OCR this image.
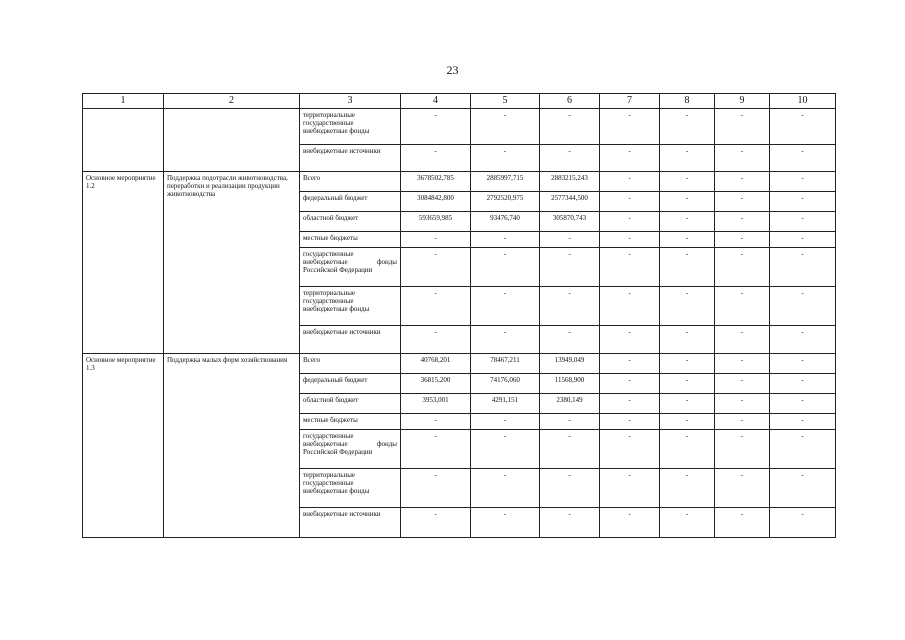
23
1	2	3	4	5	6	7	8	9	10
		территориальные государственные внебюджетные фонды	-	-	-	-	-	-	-
		внебюджетные источники	-	-	-	-	-	-	-
Основное мероприятие 1.2	Поддержка подотрасли животноводства, переработки и реализации продукции животноводства	Всего	3678502,785	2885997,715	2883215,243	-	-	-	-
		федеральный бюджет	3084842,800	2792520,975	2577344,500	-	-	-	-
		областной бюджет	593659,985	93476,740	305870,743	-	-	-	-
		местные бюджеты	-	-	-	-	-	-	-
		государственные внебюджетные фонды Российской Федерации	-	-	-	-	-	-	-
		территориальные государственные внебюджетные фонды	-	-	-	-	-	-	-
		внебюджетные источники	-	-	-	-	-	-	-
Основное мероприятие 1.3	Поддержка малых форм хозяйствования	Всего	40768,201	78467,211	13949,049	-	-	-	-
		федеральный бюджет	36815,200	74176,060	11568,900	-	-	-	-
		областной бюджет	3953,001	4291,151	2380,149	-	-	-	-
		местные бюджеты	-	-	-	-	-	-	-
		государственные внебюджетные фонды Российской Федерации	-	-	-	-	-	-	-
		территориальные государственные внебюджетные фонды	-	-	-	-	-	-	-
		внебюджетные источники	-	-	-	-	-	-	-
